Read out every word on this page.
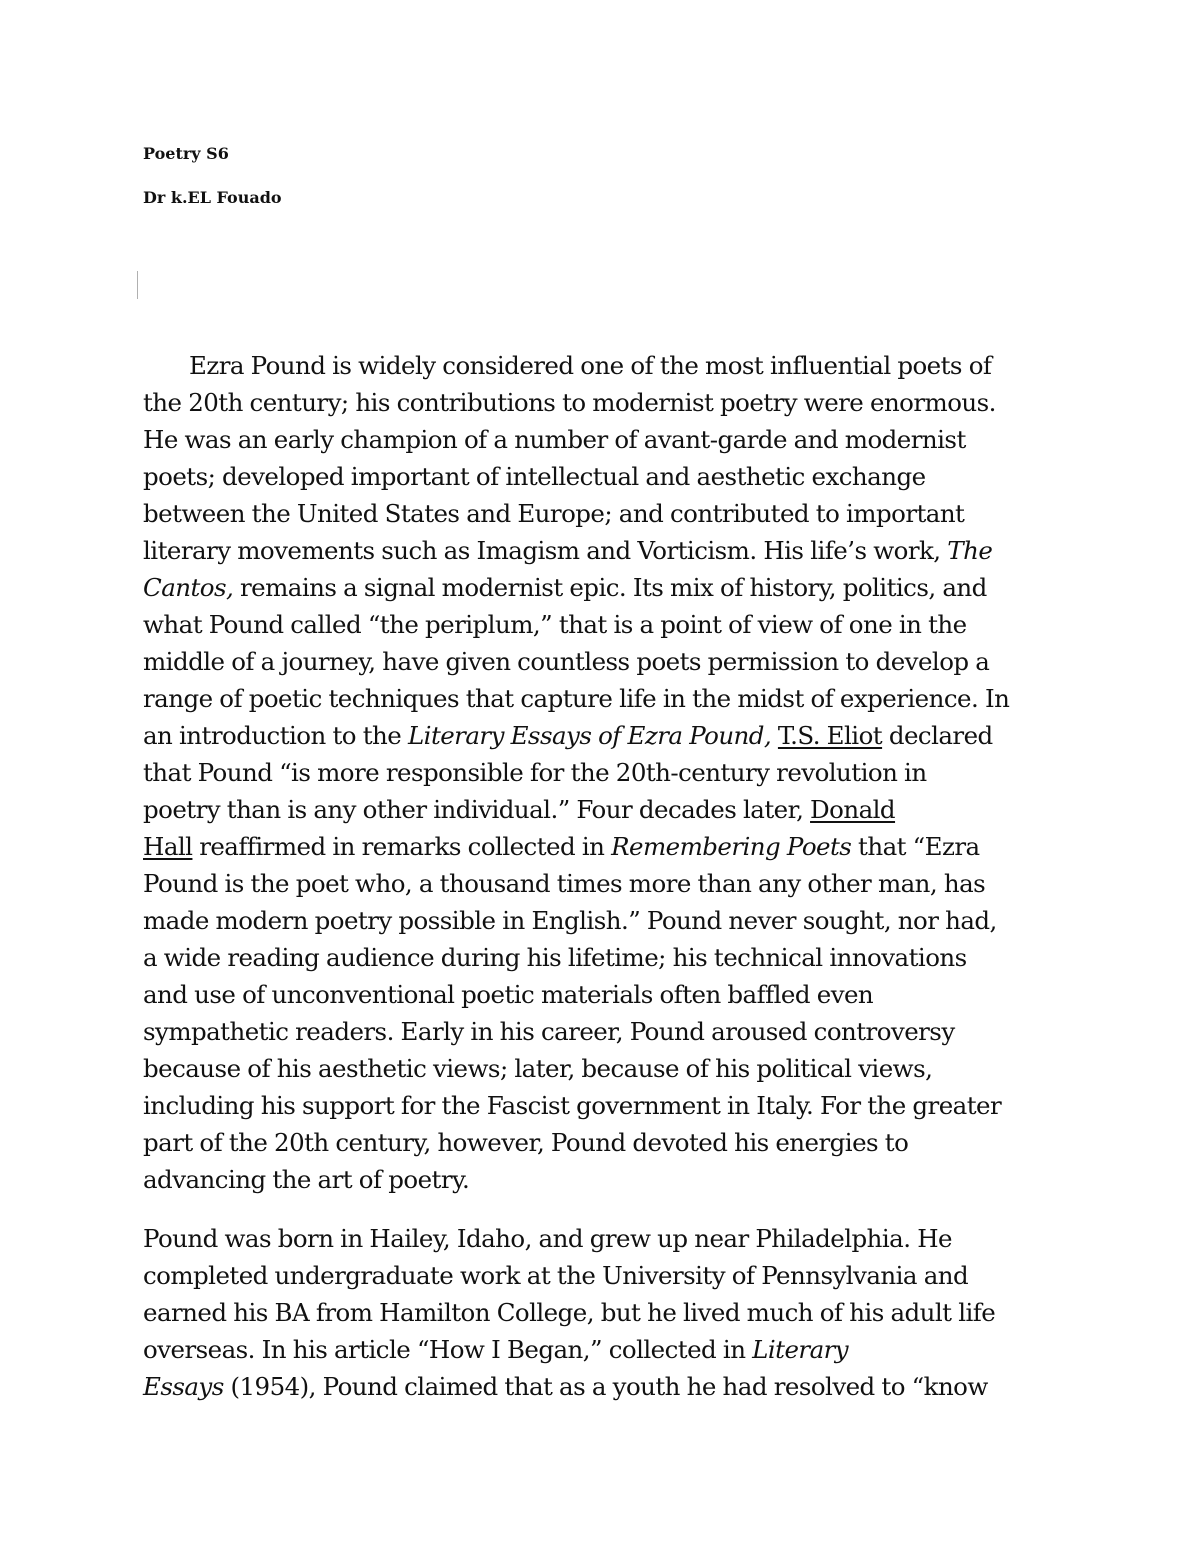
Poetry S6

Dr k.EL Fouado

Ezra Pound is widely considered one of the most influential poets of
the 20th century; his contributions to modernist poetry were enormous.
He was an early champion of a number of avant-garde and modernist
poets; developed important of intellectual and aesthetic exchange
between the United States and Europe; and contributed to important
literary movements such as Imagism and Vorticism. His life’s work, The
Cantos, remains a signal modernist epic. Its mix of history, politics, and
what Pound called “the periplum,” that is a point of view of one in the
middle of a journey, have given countless poets permission to develop a
range of poetic techniques that capture life in the midst of experience. In
an introduction to the Literary Essays of Ezra Pound, T.S. Eliot declared
that Pound “is more responsible for the 20th-century revolution in
poetry than is any other individual.” Four decades later, Donald
Hall reaffirmed in remarks collected in Remembering Poets that “Ezra
Pound is the poet who, a thousand times more than any other man, has
made modern poetry possible in English.” Pound never sought, nor had,
a wide reading audience during his lifetime; his technical innovations
and use of unconventional poetic materials often baffled even
sympathetic readers. Early in his career, Pound aroused controversy
because of his aesthetic views; later, because of his political views,
including his support for the Fascist government in Italy. For the greater
part of the 20th century, however, Pound devoted his energies to
advancing the art of poetry.
Pound was born in Hailey, Idaho, and grew up near Philadelphia. He
completed undergraduate work at the University of Pennsylvania and
earned his BA from Hamilton College, but he lived much of his adult life
overseas. In his article “How I Began,” collected in Literary
Essays (1954), Pound claimed that as a youth he had resolved to “know
